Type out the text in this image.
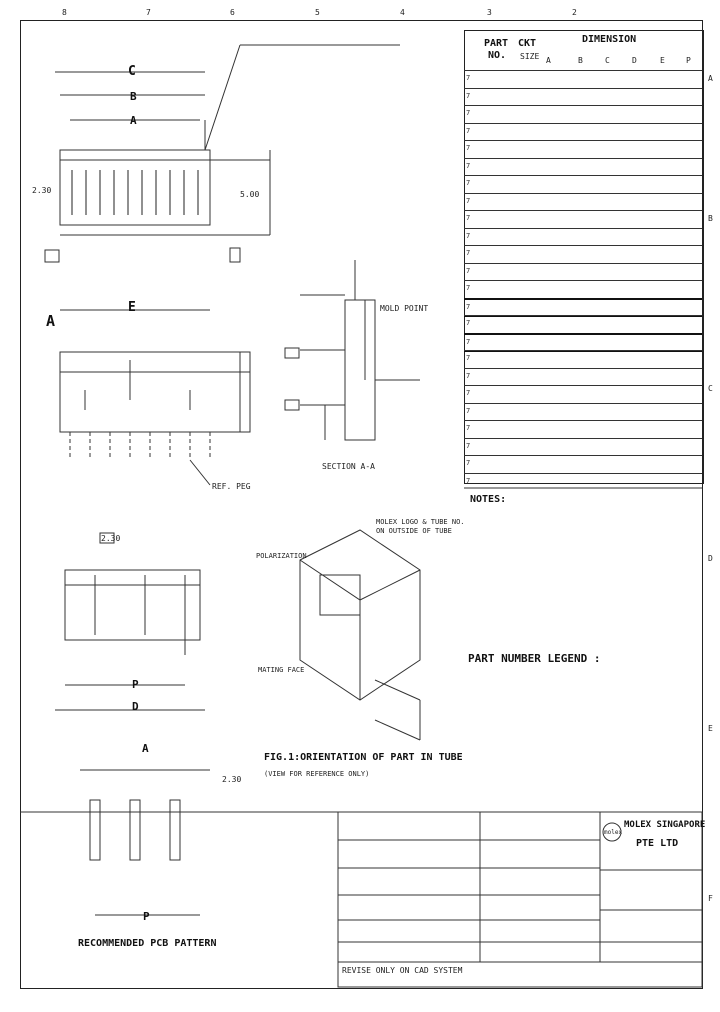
8	7	6	5	4	3	2
A
B
C
D
E
F
C
B
A
2.30	5.00
E
A
REF. PEG
SECTION A-A
MOLD POINT
P
D
2.30
A
2.30
P
RECOMMENDED PCB PATTERN
FIG.1:ORIENTATION OF PART IN TUBE
(VIEW FOR REFERENCE ONLY)
POLARIZATION
MATING FACE
MOLEX LOGO & TUBE NO. ON OUTSIDE OF TUBE
PART
NO.
CKT
SIZE
DIMENSION
A	B	C	D	E	P
7
7
7
7
7
7
7
7
7
7
7
7
7
7
7
7
7
7
7
7
7
7
7
7
NOTES:
PART NUMBER LEGEND :
MOLEX SINGAPORE
PTE LTD
molex
REVISE ONLY ON CAD SYSTEM
